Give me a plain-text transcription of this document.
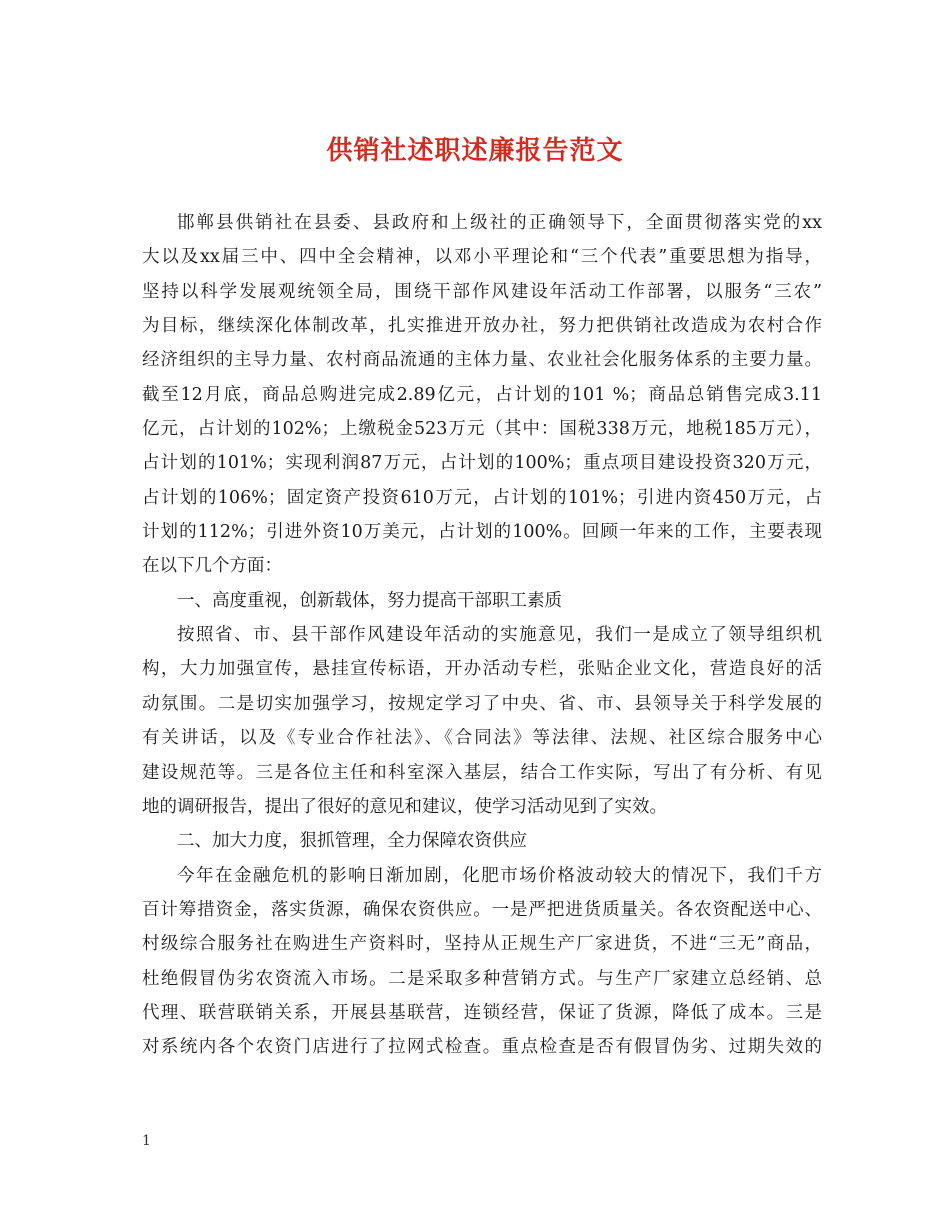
供销社述职述廉报告范文
邯郸县供销社在县委、县政府和上级社的正确领导下，全面贯彻落实党的xx
大以及xx届三中、四中全会精神，以邓小平理论和“三个代表”重要思想为指导，
坚持以科学发展观统领全局，围绕干部作风建设年活动工作部署，以服务“三农”
为目标，继续深化体制改革，扎实推进开放办社，努力把供销社改造成为农村合作
经济组织的主导力量、农村商品流通的主体力量、农业社会化服务体系的主要力量。
截至12月底，商品总购进完成2.89亿元，占计划的101 %；商品总销售完成3.11
亿元，占计划的102%；上缴税金523万元（其中：国税338万元，地税185万元），
占计划的101%；实现利润87万元，占计划的100%；重点项目建设投资320万元，
占计划的106%；固定资产投资610万元，占计划的101%；引进内资450万元，占
计划的112%；引进外资10万美元，占计划的100%。回顾一年来的工作，主要表现
在以下几个方面：
一、高度重视，创新载体，努力提高干部职工素质
按照省、市、县干部作风建设年活动的实施意见，我们一是成立了领导组织机
构，大力加强宣传，悬挂宣传标语，开办活动专栏，张贴企业文化，营造良好的活
动氛围。二是切实加强学习，按规定学习了中央、省、市、县领导关于科学发展的
有关讲话，以及《专业合作社法》、《合同法》等法律、法规、社区综合服务中心
建设规范等。三是各位主任和科室深入基层，结合工作实际，写出了有分析、有见
地的调研报告，提出了很好的意见和建议，使学习活动见到了实效。
二、加大力度，狠抓管理，全力保障农资供应
今年在金融危机的影响日渐加剧，化肥市场价格波动较大的情况下，我们千方
百计筹措资金，落实货源，确保农资供应。一是严把进货质量关。各农资配送中心、
村级综合服务社在购进生产资料时，坚持从正规生产厂家进货，不进“三无”商品，
杜绝假冒伪劣农资流入市场。二是采取多种营销方式。与生产厂家建立总经销、总
代理、联营联销关系，开展县基联营，连锁经营，保证了货源，降低了成本。三是
对系统内各个农资门店进行了拉网式检查。重点检查是否有假冒伪劣、过期失效的
1
